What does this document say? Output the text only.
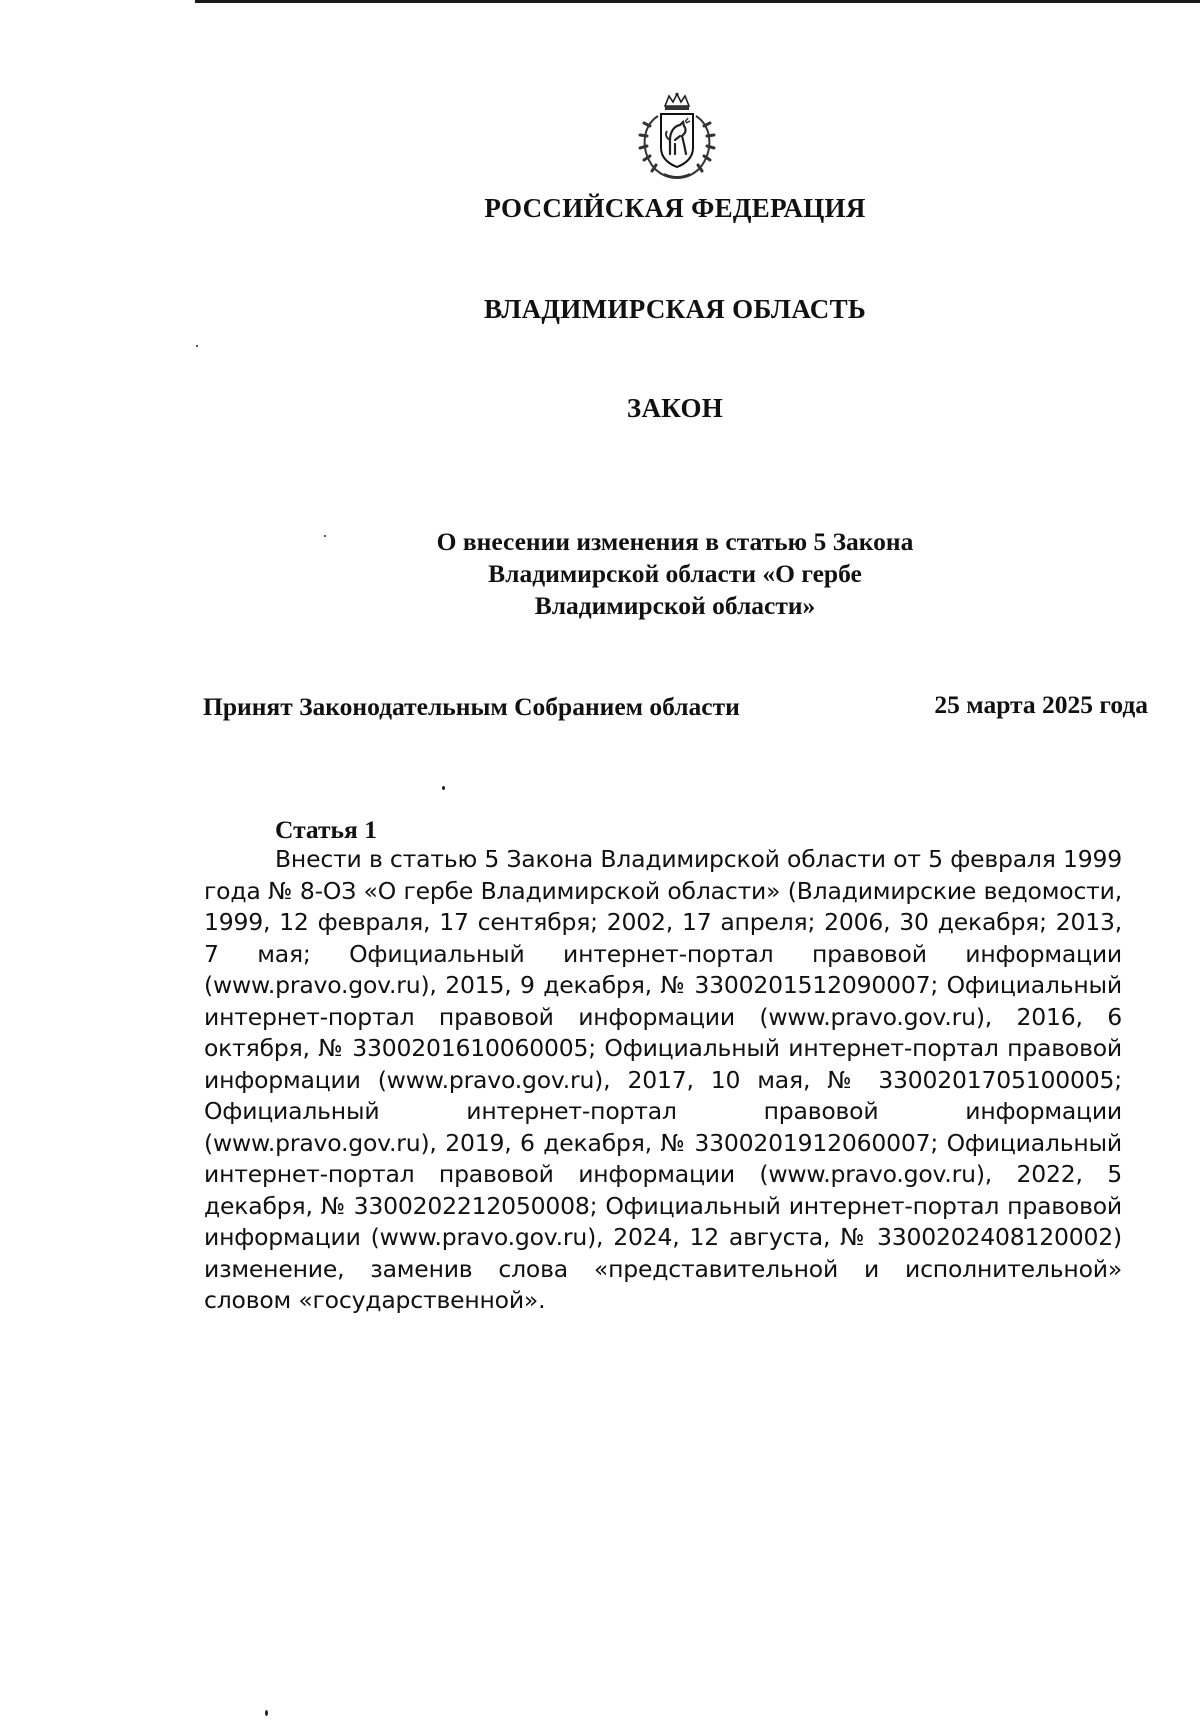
РОССИЙСКАЯ ФЕДЕРАЦИЯ
ВЛАДИМИРСКАЯ ОБЛАСТЬ
ЗАКОН
О внесении изменения в статью 5 Закона
Владимирской области «О гербе
Владимирской области»
Принят Законодательным Собранием области	25 марта 2025 года
Статья 1

Внести в статью 5 Закона Владимирской области от 5 февраля 1999 года № 8-ОЗ «О гербе Владимирской области» (Владимирские ведомости, 1999, 12 февраля, 17 сентября; 2002, 17 апреля; 2006, 30 декабря; 2013, 7 мая; Официальный интернет-портал правовой информации (www.pravo.gov.ru), 2015, 9 декабря, № 3300201512090007; Официальный интернет-портал правовой информации (www.pravo.gov.ru), 2016, 6 октября, № 3300201610060005; Официальный интернет-портал правовой информации (www.pravo.gov.ru), 2017, 10 мая, № 3300201705100005; Официальный интернет-портал правовой информации (www.pravo.gov.ru), 2019, 6 декабря, № 3300201912060007; Официальный интернет-портал правовой информации (www.pravo.gov.ru), 2022, 5 декабря, № 3300202212050008; Официальный интернет-портал правовой информации (www.pravo.gov.ru), 2024, 12 августа, № 3300202408120002) изменение, заменив слова «представительной и исполнительной» словом «государственной».
